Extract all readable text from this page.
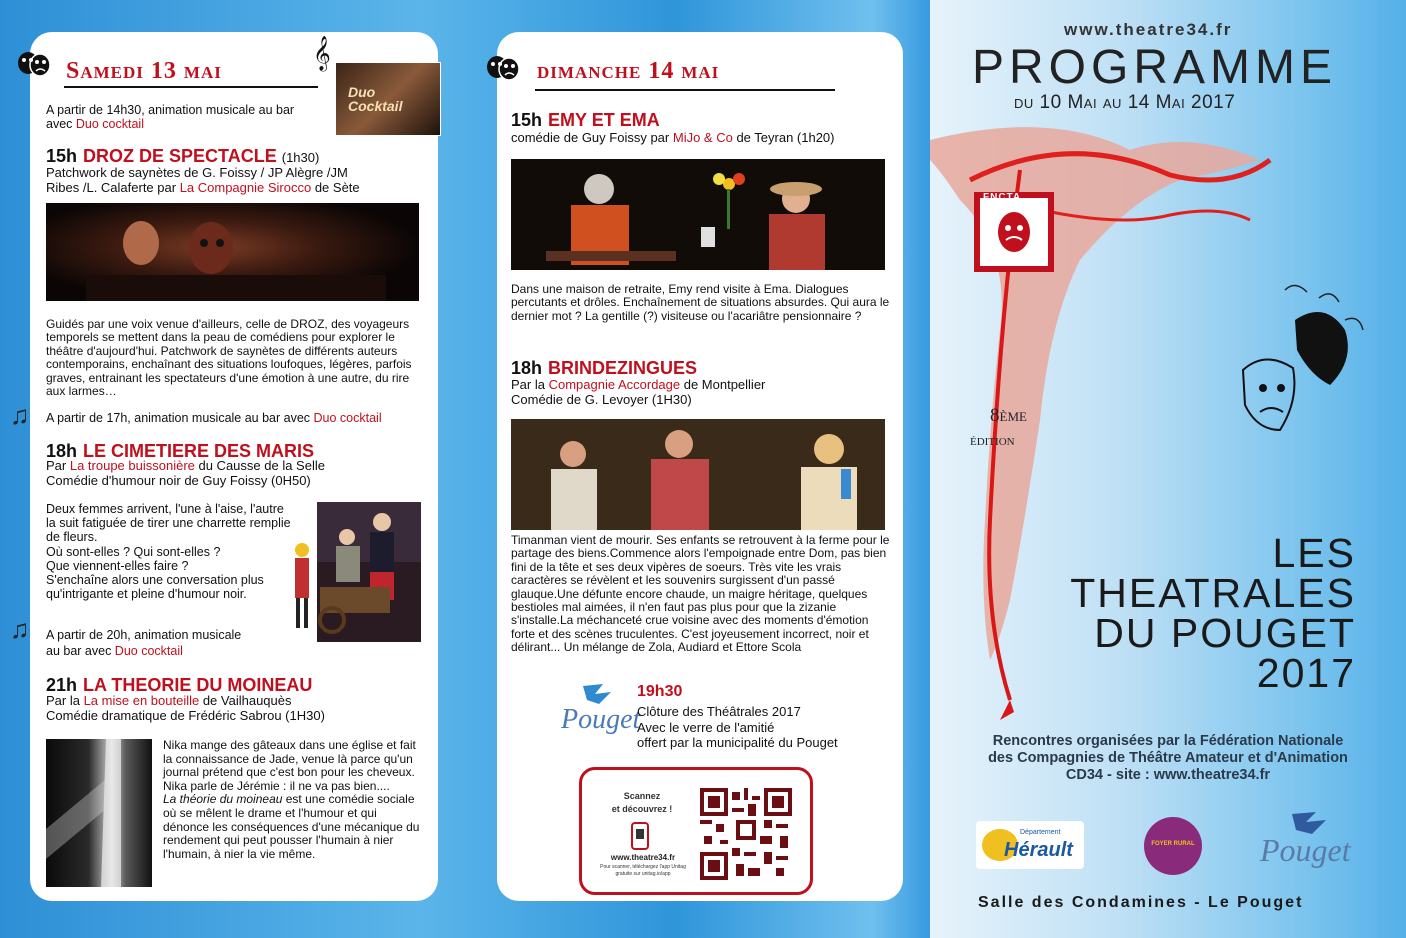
Samedi 13 mai
𝄞
Duo Cocktail
A partir de 14h30, animation musicale au bar
avec Duo cocktail
15h DROZ DE SPECTACLE (1h30)
Patchwork de saynètes de G. Foissy / JP Alègre /JM
Ribes /L. Calaferte par La Compagnie Sirocco de Sète
Guidés par une voix venue d'ailleurs, celle de DROZ, des voyageurs temporels se mettent dans la peau de comédiens pour explorer le théâtre d'aujourd'hui. Patchwork de saynètes de différents auteurs contemporains, enchaînant des situations loufoques, légères, parfois graves, entrainant les spectateurs d'une émotion à une autre, du rire aux larmes…
♫ A partir de 17h, animation musicale au bar avec Duo cocktail
18h LE CIMETIERE DES MARIS
Par La troupe buissonière du Causse de la Selle
Comédie d'humour noir de Guy Foissy (0H50)
Deux femmes arrivent, l'une à l'aise, l'autre
la suit fatiguée de tirer une charrette remplie
de fleurs.
Où sont-elles ? Qui sont-elles ?
Que viennent-elles faire ?
S'enchaîne alors une conversation plus
qu'intrigante et pleine d'humour noir.
♫ A partir de 20h, animation musicale
au bar avec Duo cocktail
21h LA THEORIE DU MOINEAU
Par la La mise en bouteille de Vailhauquès
Comédie dramatique de Frédéric Sabrou (1H30)
Nika mange des gâteaux dans une église et fait la connaissance de Jade, venue là parce qu'un journal prétend que c'est bon pour les cheveux. Nika parle de Jérémie : il ne va pas bien....
La théorie du moineau est une comédie sociale où se mêlent le drame et l'humour et qui dénonce les conséquences d'une mécanique du rendement qui peut pousser l'humain à nier l'humain, à nier la vie même.
dimanche 14 mai
15h EMY ET EMA
comédie de Guy Foissy par MiJo & Co de Teyran (1h20)
Dans une maison de retraite, Emy rend visite à Ema. Dialogues percutants et drôles. Enchaînement de situations absurdes. Qui aura le dernier mot ? La gentille (?) visiteuse ou l'acariâtre pensionnaire ?
18h BRINDEZINGUES
Par la Compagnie Accordage de Montpellier
Comédie de G. Levoyer (1H30)
Timanman vient de mourir. Ses enfants se retrouvent à la ferme pour le partage des biens.Commence alors l'empoignade entre Dom, pas bien fini de la tête et ses deux vipères de soeurs. Très vite les vrais caractères se révèlent et les souvenirs surgissent d'un passé glauque.Une défunte encore chaude, un maigre héritage, quelques bestioles mal aimées, il n'en faut pas plus pour que la zizanie s'installe.La méchanceté crue voisine avec des moments d'émotion forte et des scènes truculentes. C'est joyeusement incorrect, noir et délirant... Un mélange de Zola, Audiard et Ettore Scola
Pouget
19h30
Clôture des Théâtrales 2017
Avec le verre de l'amitié
offert par la municipalité du Pouget
Scannez
et découvrez !
www.theatre34.fr
Pour scanner, téléchargez l'app Unitag
gratuite sur unitag.io/app
www.theatre34.fr
PROGRAMME
du 10 Mai au 14 Mai 2017
FNCTA
8ème
édition
LES
THEATRALES
DU POUGET
2017
Rencontres organisées par la Fédération Nationale
des Compagnies de Théâtre Amateur et d'Animation
CD34 - site : www.theatre34.fr
Département
Hérault	FOYER RURAL Pouget
Salle des Condamines - Le Pouget
